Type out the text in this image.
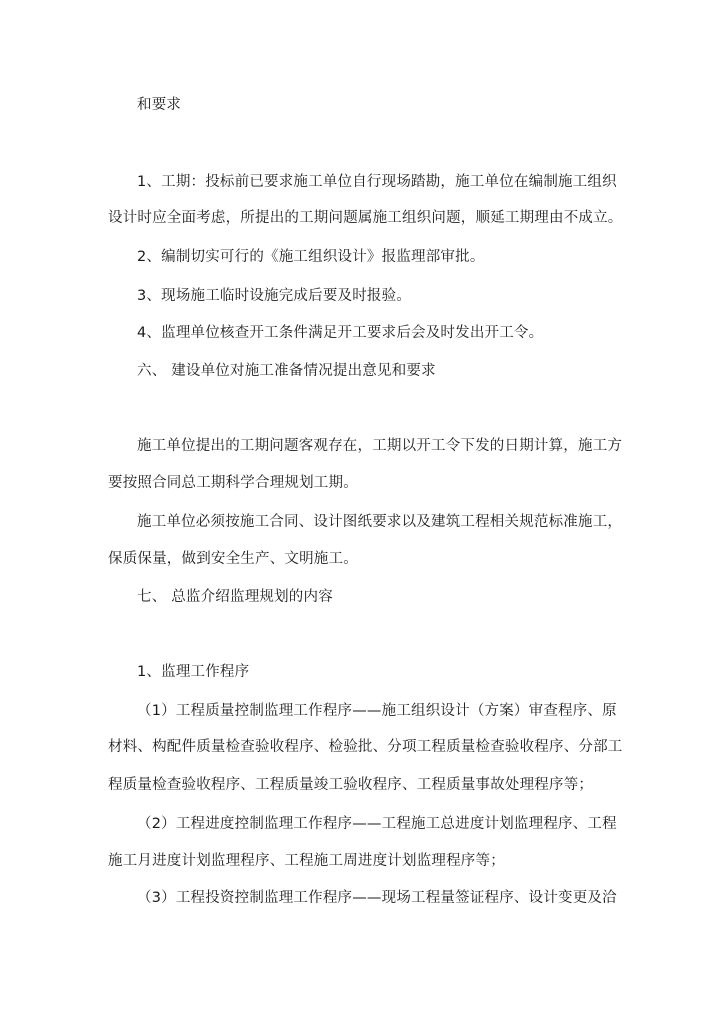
和要求
1、工期：投标前已要求施工单位自行现场踏勘，施工单位在编制施工组织
设计时应全面考虑，所提出的工期问题属施工组织问题，顺延工期理由不成立。
2、编制切实可行的《施工组织设计》报监理部审批。
3、现场施工临时设施完成后要及时报验。
4、监理单位核查开工条件满足开工要求后会及时发出开工令。
六、 建设单位对施工准备情况提出意见和要求
施工单位提出的工期问题客观存在，工期以开工令下发的日期计算，施工方
要按照合同总工期科学合理规划工期。
施工单位必须按施工合同、设计图纸要求以及建筑工程相关规范标准施工，
保质保量，做到安全生产、文明施工。
七、 总监介绍监理规划的内容
1、监理工作程序
（1）工程质量控制监理工作程序——施工组织设计（方案）审查程序、原
材料、构配件质量检查验收程序、检验批、分项工程质量检查验收程序、分部工
程质量检查验收程序、工程质量竣工验收程序、工程质量事故处理程序等；
（2）工程进度控制监理工作程序——工程施工总进度计划监理程序、工程
施工月进度计划监理程序、工程施工周进度计划监理程序等；
（3）工程投资控制监理工作程序——现场工程量签证程序、设计变更及洽
